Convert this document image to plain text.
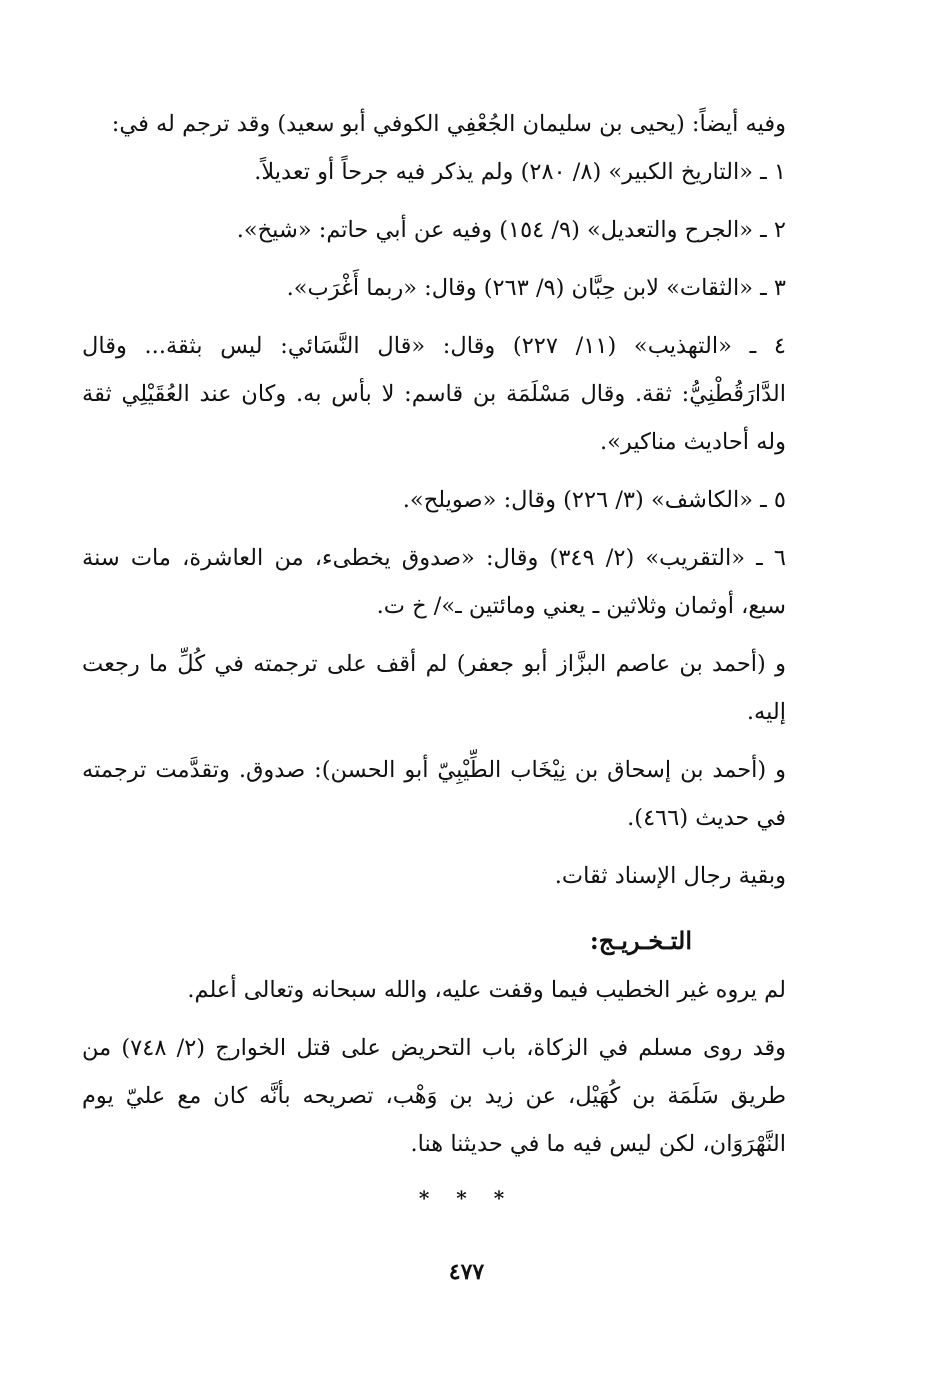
وفيه أيضاً: (يحيى بن سليمان الجُعْفِي الكوفي أبو سعيد) وقد ترجم له في:

١ ـ «التاريخ الكبير» (٨/ ٢٨٠) ولم يذكر فيه جرحاً أو تعديلاً.

٢ ـ «الجرح والتعديل» (٩/ ١٥٤) وفيه عن أبي حاتم: «شيخ».

٣ ـ «الثقات» لابن حِبَّان (٩/ ٢٦٣) وقال: «ربما أَغْرَب».

٤ ـ «التهذيب» (١١/ ٢٢٧) وقال: «قال النَّسَائي: ليس بثقة... وقال الدَّارَقُطْنِيُّ: ثقة. وقال مَسْلَمَة بن قاسم: لا بأس به. وكان عند العُقَيْلِي ثقة وله أحاديث مناكير».

٥ ـ «الكاشف» (٣/ ٢٢٦) وقال: «صويلح».

٦ ـ «التقريب» (٢/ ٣٤٩) وقال: «صدوق يخطىء، من العاشرة، مات سنة سبع، أوثمان وثلاثين ـ يعني ومائتين ـ»/ خ ت.

و (أحمد بن عاصم البزَّاز أبو جعفر) لم أقف على ترجمته في كُلِّ ما رجعت إليه.

و (أحمد بن إسحاق بن نِيْخَاب الطِّيْبِيّ أبو الحسن): صدوق. وتقدَّمت ترجمته في حديث (٤٦٦).

وبقية رجال الإسناد ثقات.

التـخـريـج:

لم يروه غير الخطيب فيما وقفت عليه، والله سبحانه وتعالى أعلم.

وقد روى مسلم في الزكاة، باب التحريض على قتل الخوارج (٢/ ٧٤٨) من طريق سَلَمَة بن كُهَيْل، عن زيد بن وَهْب، تصريحه بأنَّه كان مع عليّ يوم النَّهْرَوَان، لكن ليس فيه ما في حديثنا هنا.

* * *
٤٧٧
